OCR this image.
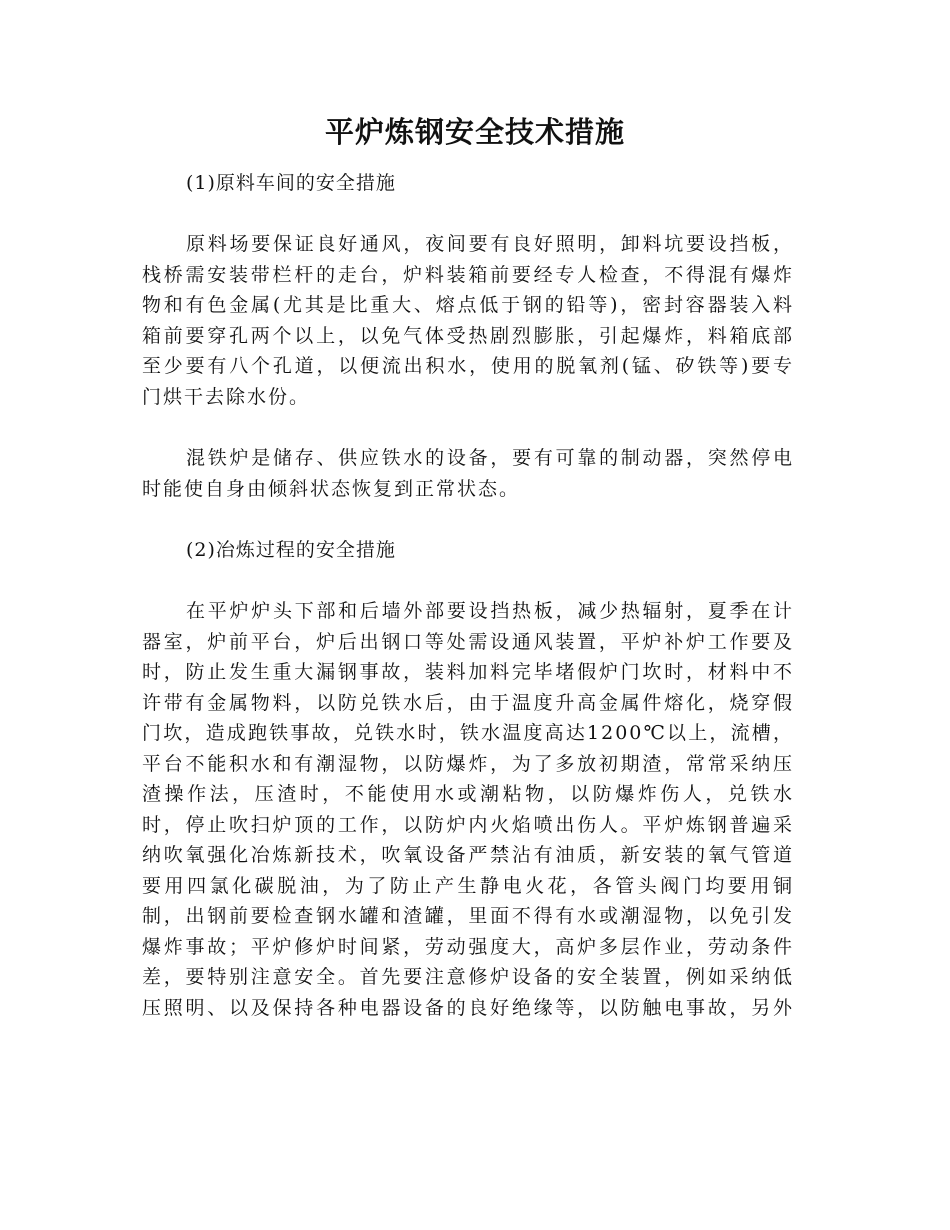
平炉炼钢安全技术措施

(1)原料车间的安全措施

原料场要保证良好通风，夜间要有良好照明，卸料坑要设挡板，
栈桥需安装带栏杆的走台，炉料装箱前要经专人检查，不得混有爆炸
物和有色金属(尤其是比重大、熔点低于钢的铅等)，密封容器装入料
箱前要穿孔两个以上，以免气体受热剧烈膨胀，引起爆炸，料箱底部
至少要有八个孔道，以便流出积水，使用的脱氧剂(锰、矽铁等)要专
门烘干去除水份。
混铁炉是储存、供应铁水的设备，要有可靠的制动器，突然停电
时能使自身由倾斜状态恢复到正常状态。

(2)冶炼过程的安全措施

在平炉炉头下部和后墙外部要设挡热板，减少热辐射，夏季在计
器室，炉前平台，炉后出钢口等处需设通风装置，平炉补炉工作要及
时，防止发生重大漏钢事故，装料加料完毕堵假炉门坎时，材料中不
许带有金属物料，以防兑铁水后，由于温度升高金属件熔化，烧穿假
门坎，造成跑铁事故，兑铁水时，铁水温度高达1200℃以上，流槽，
平台不能积水和有潮湿物，以防爆炸，为了多放初期渣，常常采纳压
渣操作法，压渣时，不能使用水或潮粘物，以防爆炸伤人，兑铁水
时，停止吹扫炉顶的工作，以防炉内火焰喷出伤人。平炉炼钢普遍采
纳吹氧强化冶炼新技术，吹氧设备严禁沾有油质，新安装的氧气管道
要用四氯化碳脱油，为了防止产生静电火花，各管头阀门均要用铜
制，出钢前要检查钢水罐和渣罐，里面不得有水或潮湿物，以免引发
爆炸事故；平炉修炉时间紧，劳动强度大，高炉多层作业，劳动条件
差，要特别注意安全。首先要注意修炉设备的安全装置，例如采纳低
压照明、以及保持各种电器设备的良好绝缘等，以防触电事故，另外
